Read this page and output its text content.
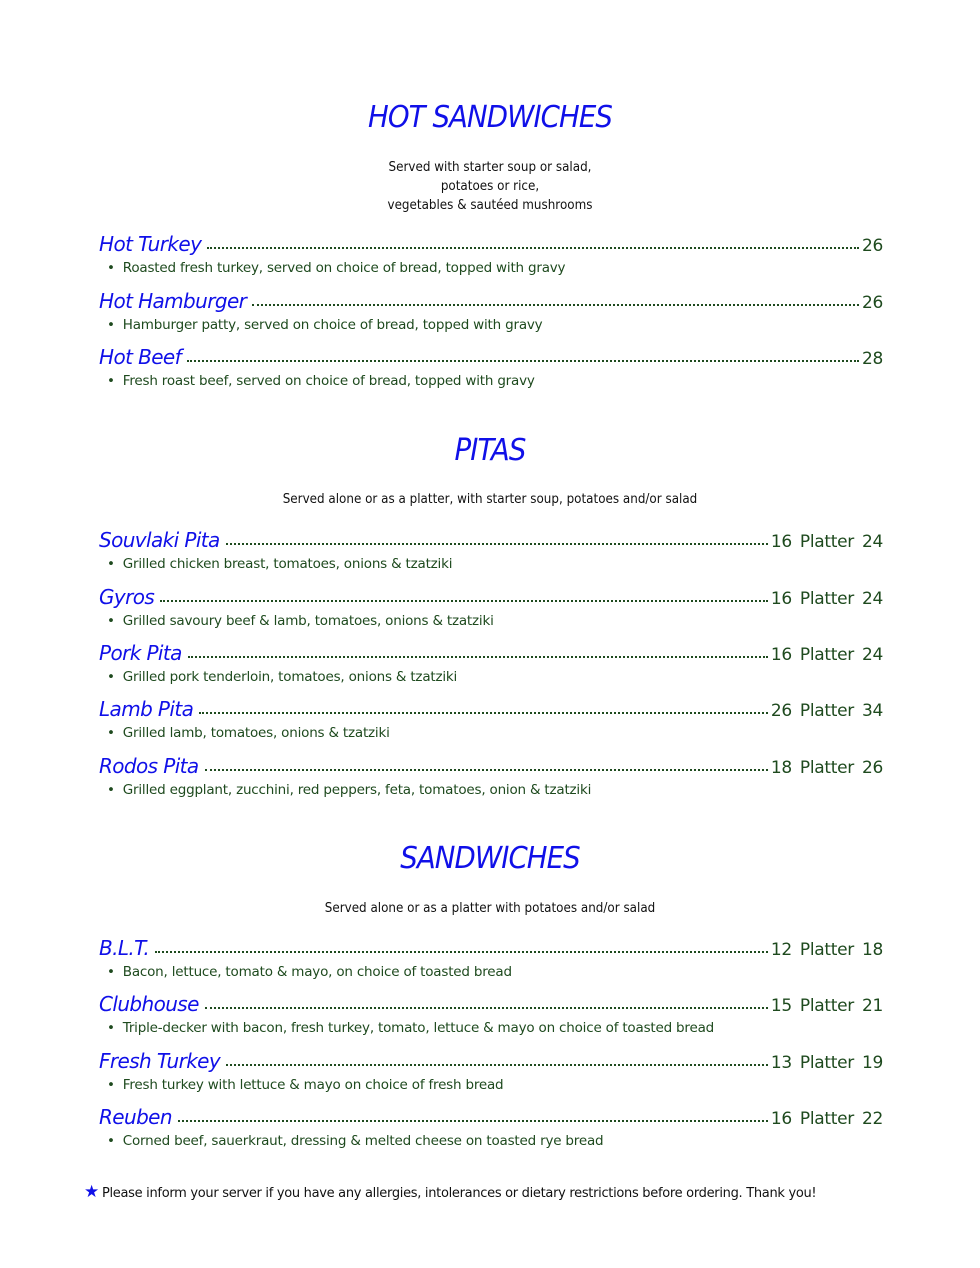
HOT SANDWICHES
Served with starter soup or salad,
potatoes or rice,
vegetables & sautéed mushrooms
Hot Turkey	26
• Roasted fresh turkey, served on choice of bread, topped with gravy
Hot Hamburger	26
• Hamburger patty, served on choice of bread, topped with gravy
Hot Beef	28
• Fresh roast beef, served on choice of bread, topped with gravy
PITAS
Served alone or as a platter, with starter soup, potatoes and/or salad
Souvlaki Pita	16 Platter 24
• Grilled chicken breast, tomatoes, onions & tzatziki
Gyros	16 Platter 24
• Grilled savoury beef & lamb, tomatoes, onions & tzatziki
Pork Pita	16 Platter 24
• Grilled pork tenderloin, tomatoes, onions & tzatziki
Lamb Pita	26 Platter 34
• Grilled lamb, tomatoes, onions & tzatziki
Rodos Pita	18 Platter 26
• Grilled eggplant, zucchini, red peppers, feta, tomatoes, onion & tzatziki
SANDWICHES
Served alone or as a platter with potatoes and/or salad
B.L.T.	12 Platter 18
• Bacon, lettuce, tomato & mayo, on choice of toasted bread
Clubhouse	15 Platter 21
• Triple-decker with bacon, fresh turkey, tomato, lettuce & mayo on choice of toasted bread
Fresh Turkey	13 Platter 19
• Fresh turkey with lettuce & mayo on choice of fresh bread
Reuben	16 Platter 22
• Corned beef, sauerkraut, dressing & melted cheese on toasted rye bread
★ Please inform your server if you have any allergies, intolerances or dietary restrictions before ordering. Thank you!
